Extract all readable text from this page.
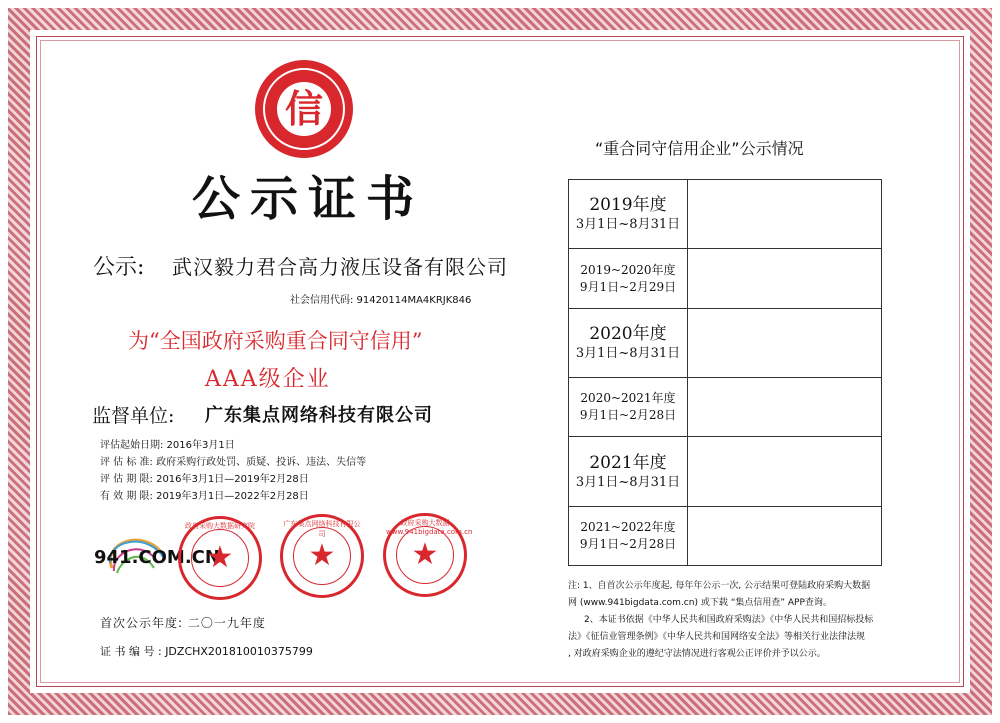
信
公示证书
公示: 武汉毅力君合高力液压设备有限公司
社会信用代码: 91420114MA4KRJK846
为“全国政府采购重合同守信用”
AAA级企业
监督单位: 广东集点网络科技有限公司
评估起始日期: 2016年3月1日
评 估 标 准: 政府采购行政处罚、质疑、投诉、违法、失信等
评 估 期 限: 2016年3月1日—2019年2月28日
有 效 期 限: 2019年3月1日—2022年2月28日
941.COM.CN
★
政府采购大数据研究院
★
广东集点网络科技有限公司
★
政府采购大数据 www.941bigdata.com.cn
首次公示年度: 二〇一九年度
证 书 编 号 : JDZCHX201810010375799
“重合同守信用企业”公示情况
2019年度
3月1日~8月31日	

2019~2020年度
9月1日~2月29日	

2020年度
3月1日~8月31日	

2020~2021年度
9月1日~2月28日	

2021年度
3月1日~8月31日	

2021~2022年度
9月1日~2月28日	

注: 1、自首次公示年度起, 每年年公示一次, 公示结果可登陆政府采购大数据
网 (www.941bigdata.com.cn) 或下载 “集点信用查” APP查询。
2、本证书依据《中华人民共和国政府采购法》《中华人民共和国招标投标
法》《征信业管理条例》《中华人民共和国网络安全法》等相关行业法律法规
, 对政府采购企业的遵纪守法情况进行客观公正评价并予以公示。
